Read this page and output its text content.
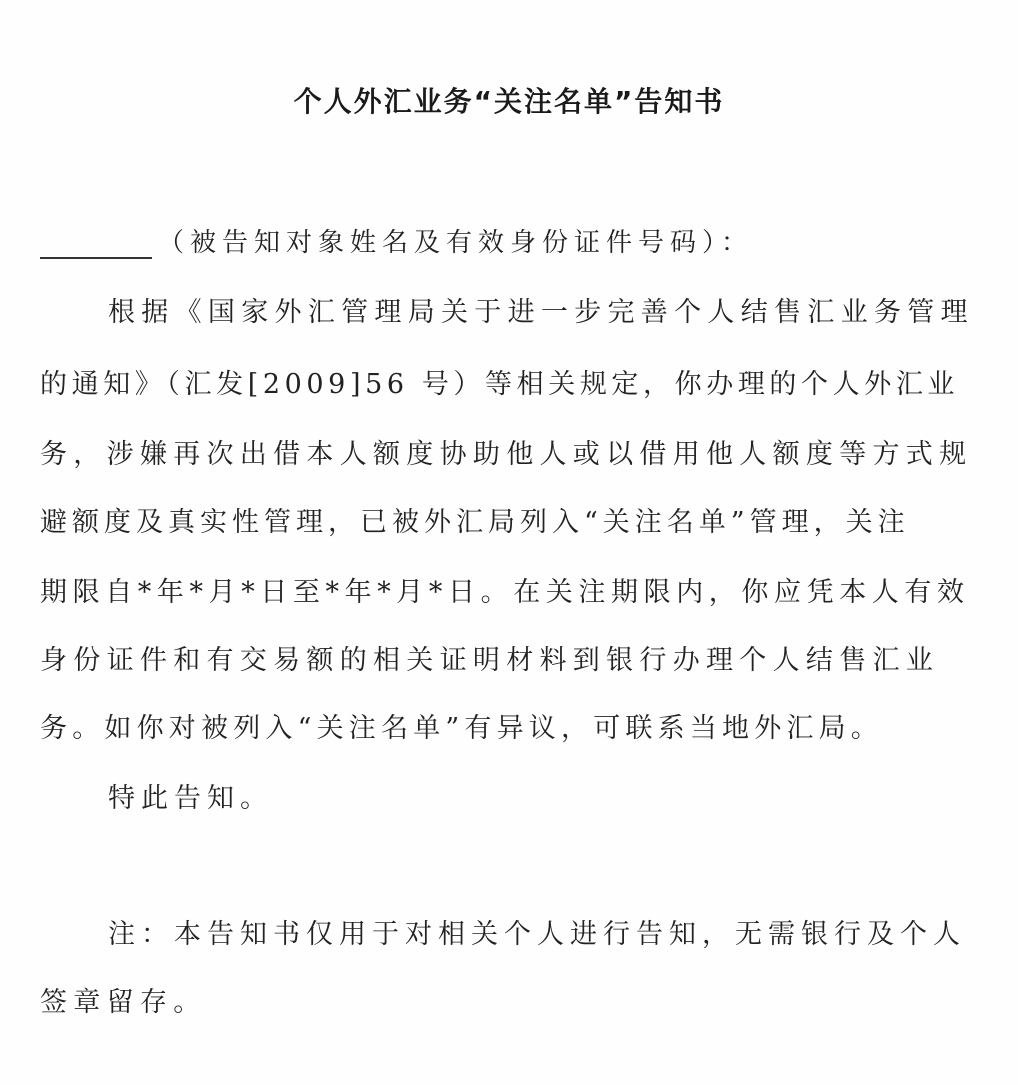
个人外汇业务“关注名单”告知书
（被告知对象姓名及有效身份证件号码）：
根据《国家外汇管理局关于进一步完善个人结售汇业务管理
的通知》（汇发[2009]56 号）等相关规定，你办理的个人外汇业
务，涉嫌再次出借本人额度协助他人或以借用他人额度等方式规
避额度及真实性管理，已被外汇局列入“关注名单”管理，关注
期限自*年*月*日至*年*月*日。在关注期限内，你应凭本人有效
身份证件和有交易额的相关证明材料到银行办理个人结售汇业
务。如你对被列入“关注名单”有异议，可联系当地外汇局。
特此告知。
注：本告知书仅用于对相关个人进行告知，无需银行及个人
签章留存。
